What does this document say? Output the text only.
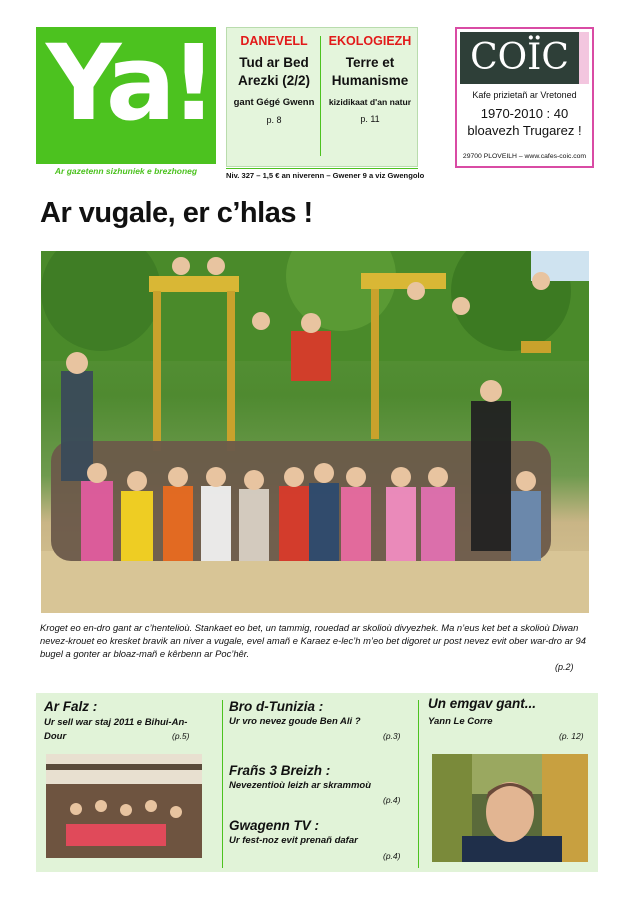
Ya!
Ar gazetenn sizhuniek e brezhoneg
DANEVELL
Tud ar Bed Arezki (2/2)
gant Gégé Gwenn
p. 8
EKOLOGIEZH
Terre et Humanisme
kizidikaat d'an natur
p. 11
Niv. 327 – 1,5 € an niverenn – Gwener 9 a viz Gwengolo
COÏC
Kafe prizietañ ar Vretoned
1970-2010 : 40 bloavezh Trugarez !
29700 PLOVEILH – www.cafes-coic.com
Ar vugale, er c’hlas !
Kroget eo en-dro gant ar c’hentelioù. Stankaet eo bet, un tammig, rouedad ar skolioù divyezhek. Ma n’eus ket bet a skolioù Diwan nevez-krouet eo kresket bravik an niver a vugale, evel amañ e Karaez e-lec’h m’eo bet digoret ur post nevez evit ober war-dro ar 94 bugel a gonter ar bloaz-mañ e kêrbenn ar Poc’hêr.
(p.2)
Ar Falz :
Ur sell war staj 2011 e Bihui-An-Dour	(p.5)
Bro d-Tunizia :
Ur vro nevez goude Ben Ali ?
(p.3)
Frañs 3 Breizh :
Nevezentioù leizh ar skrammoù
(p.4)
Gwagenn TV :
Ur fest-noz evit prenañ dafar
(p.4)
Un emgav gant...
Yann Le Corre
(p. 12)
